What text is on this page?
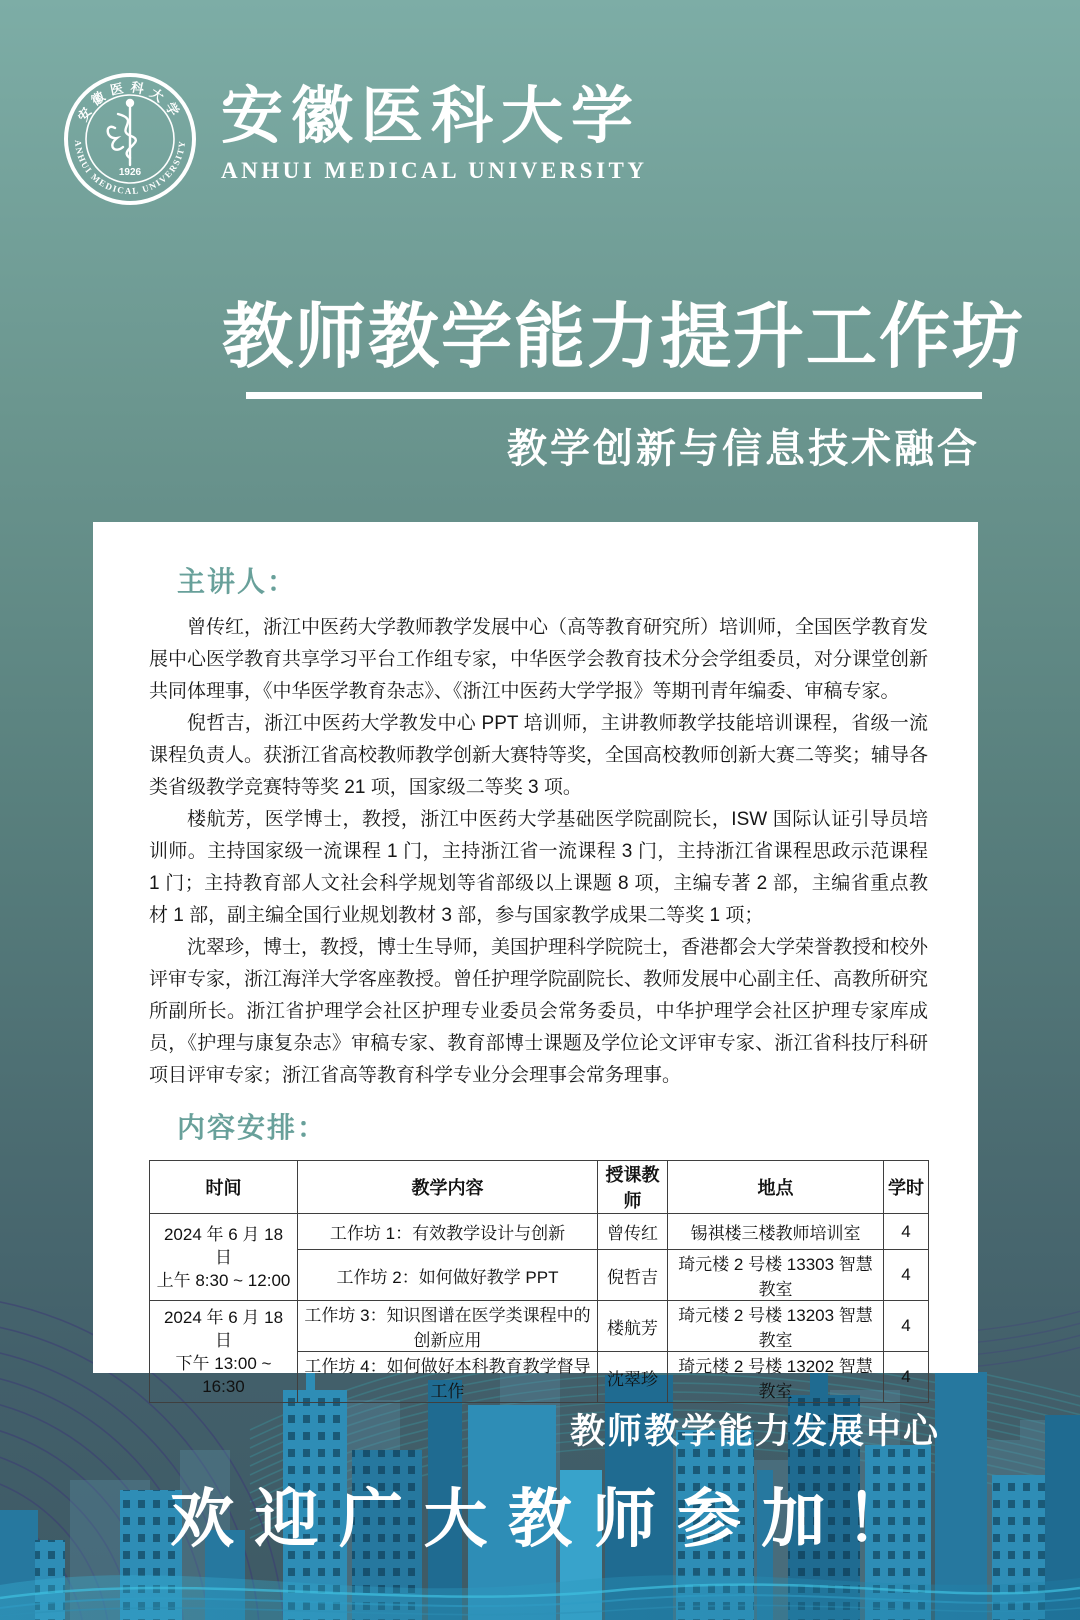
安徽医科大学
ANHUI MEDICAL UNIVERSITY
1926
安徽医科大学
ANHUI MEDICAL UNIVERSITY
教师教学能力提升工作坊
教学创新与信息技术融合
主讲人：

曾传红，浙江中医药大学教师教学发展中心（高等教育研究所）培训师，全国医学教育发展中心医学教育共享学习平台工作组专家，中华医学会教育技术分会学组委员，对分课堂创新共同体理事，《中华医学教育杂志》、《浙江中医药大学学报》等期刊青年编委、审稿专家。

倪哲吉，浙江中医药大学教发中心 PPT 培训师，主讲教师教学技能培训课程，省级一流课程负责人。获浙江省高校教师教学创新大赛特等奖，全国高校教师创新大赛二等奖；辅导各类省级教学竞赛特等奖 21 项，国家级二等奖 3 项。

楼航芳，医学博士，教授，浙江中医药大学基础医学院副院长，ISW 国际认证引导员培训师。主持国家级一流课程 1 门，主持浙江省一流课程 3 门，主持浙江省课程思政示范课程 1 门；主持教育部人文社会科学规划等省部级以上课题 8 项，主编专著 2 部，主编省重点教材 1 部，副主编全国行业规划教材 3 部，参与国家教学成果二等奖 1 项；

沈翠珍，博士，教授，博士生导师，美国护理科学院院士，香港都会大学荣誉教授和校外评审专家，浙江海洋大学客座教授。曾任护理学院副院长、教师发展中心副主任、高教所研究所副所长。浙江省护理学会社区护理专业委员会常务委员，中华护理学会社区护理专家库成员，《护理与康复杂志》审稿专家、教育部博士课题及学位论文评审专家、浙江省科技厅科研项目评审专家；浙江省高等教育科学专业分会理事会常务理事。

内容安排：
时间	教学内容	授课教师	地点	学时

2024 年 6 月 18 日
上午 8:30 ~ 12:00	工作坊 1：有效教学设计与创新	曾传红	锡祺楼三楼教师培训室	4
	工作坊 2：如何做好教学 PPT	倪哲吉	琦元楼 2 号楼 13303 智慧教室	4

2024 年 6 月 18 日
下午 13:00 ~ 16:30	工作坊 3：知识图谱在医学类课程中的创新应用	楼航芳	琦元楼 2 号楼 13203 智慧教室	4
	工作坊 4：如何做好本科教育教学督导工作	沈翠珍	琦元楼 2 号楼 13202 智慧教室	4
教师教学能力发展中心
欢迎广大教师参加！
